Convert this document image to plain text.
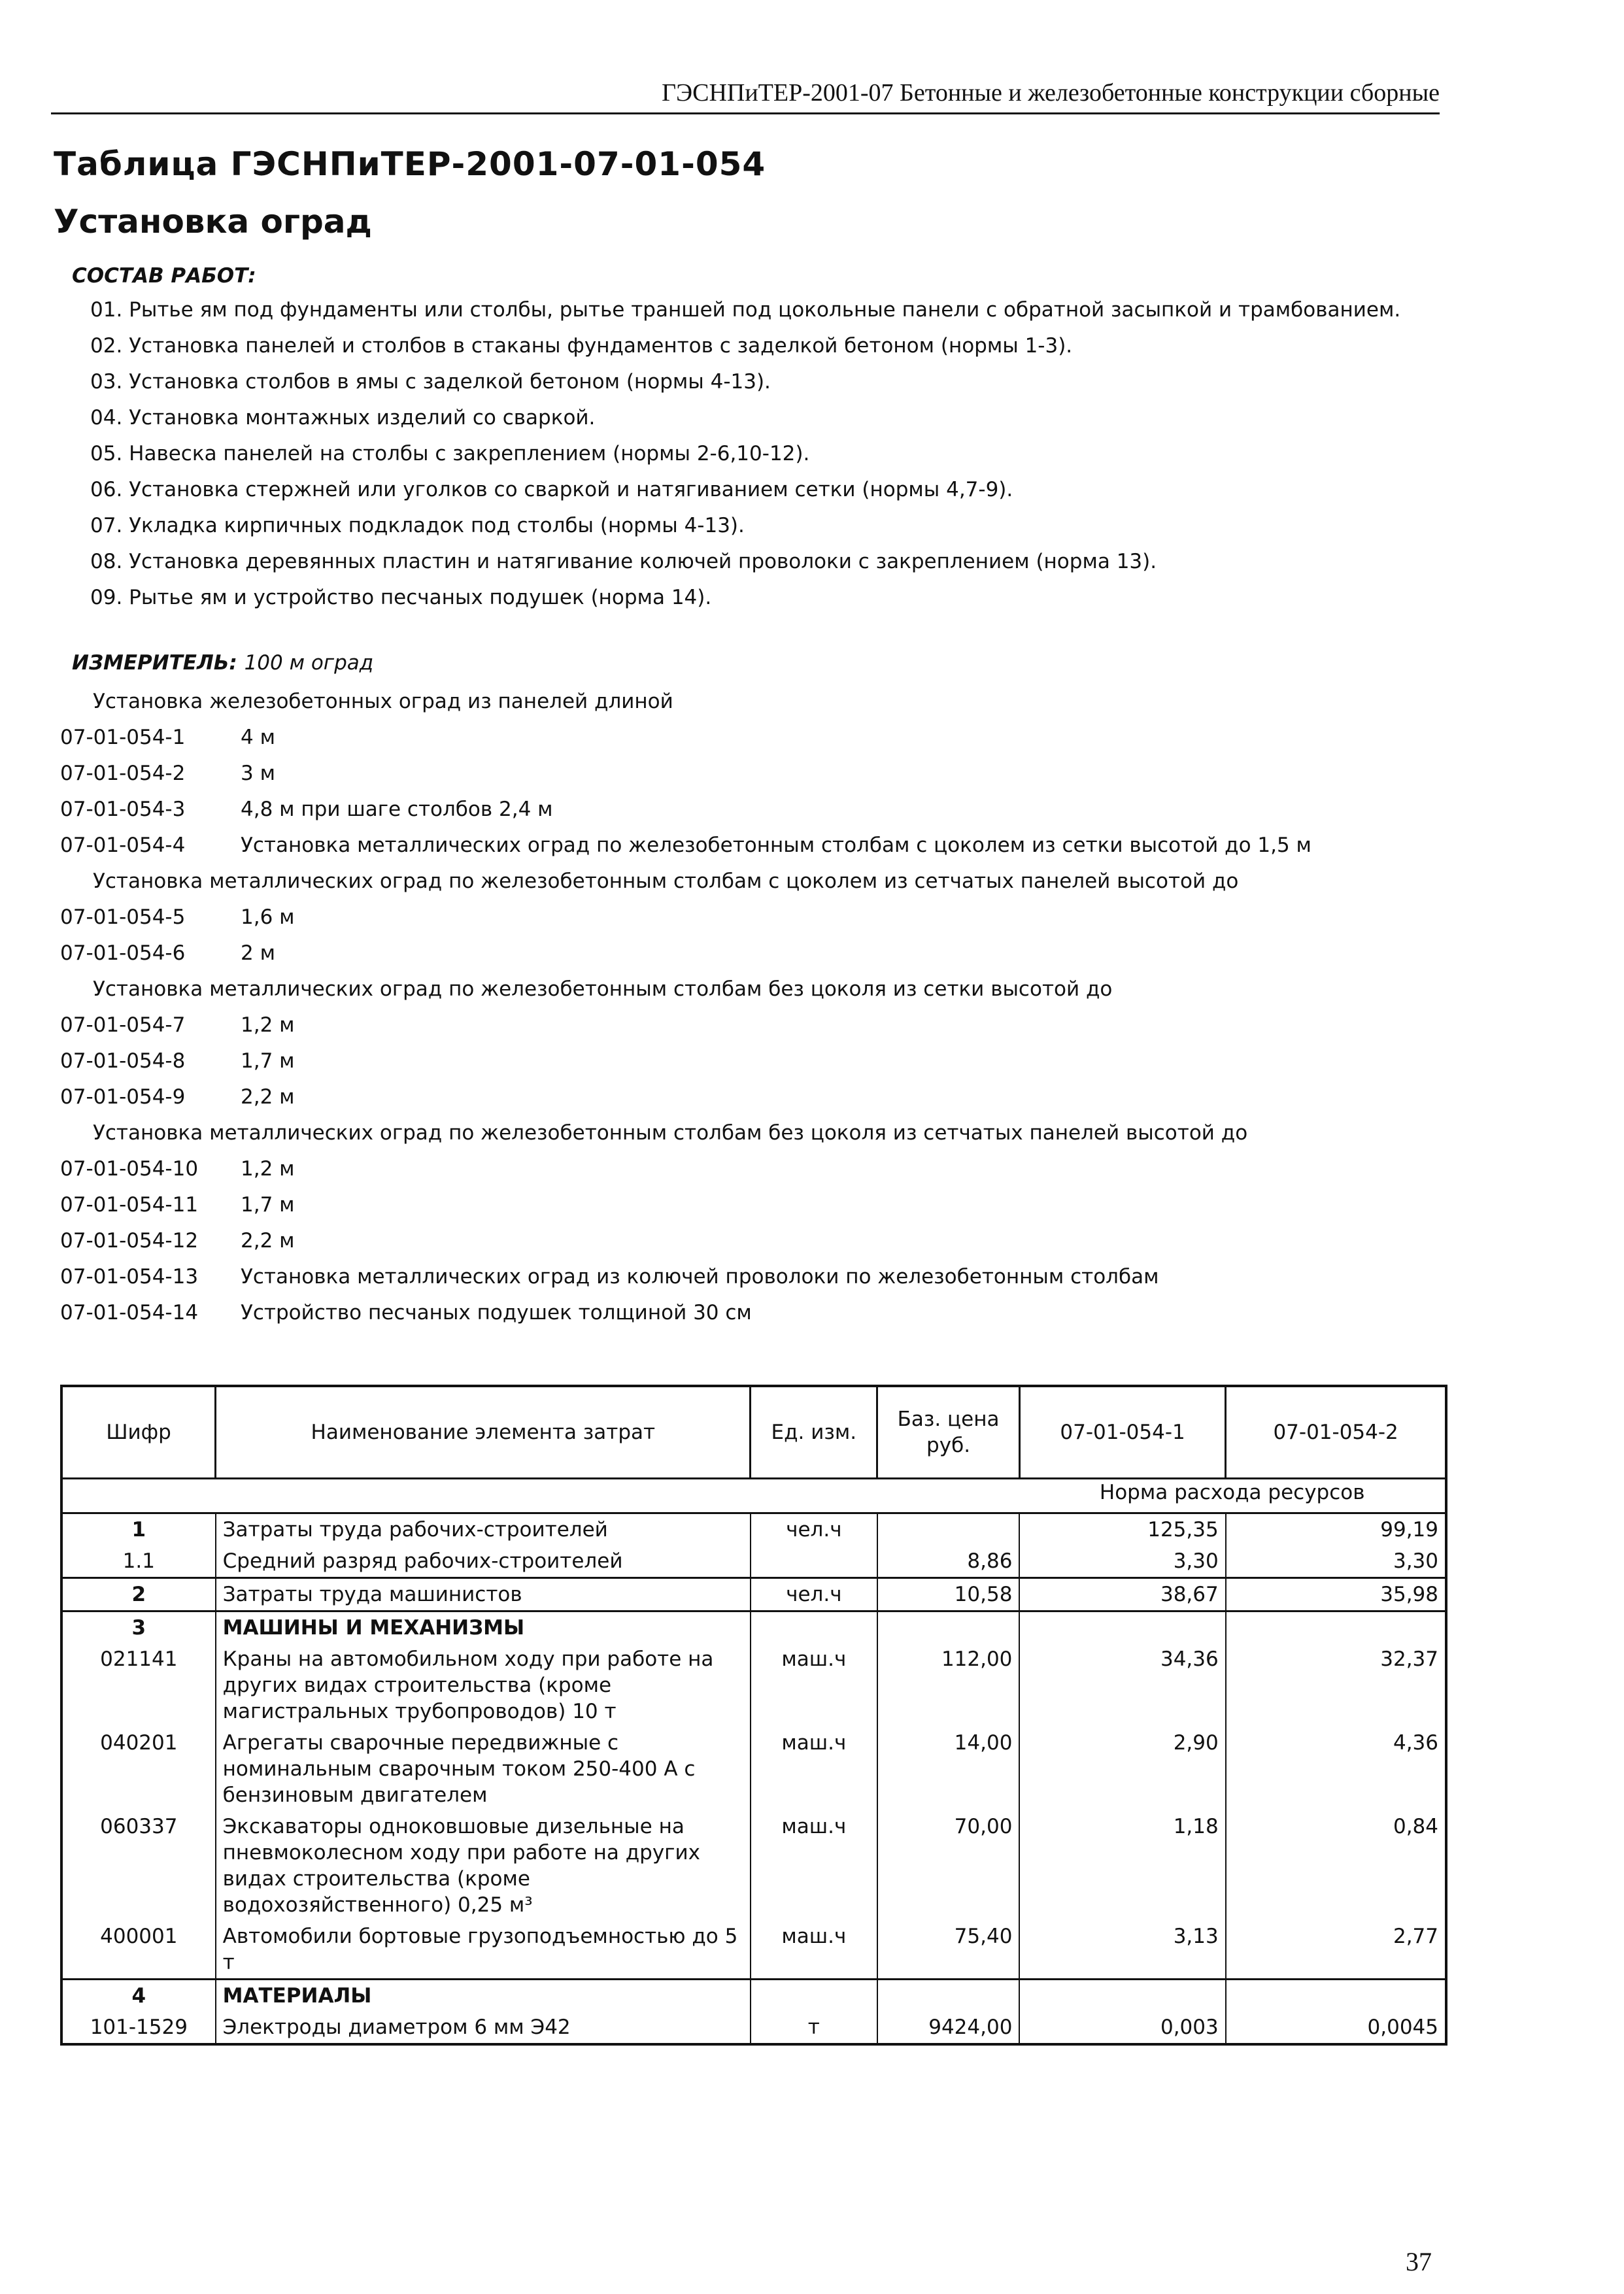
ГЭСНПиТЕР-2001-07 Бетонные и железобетонные конструкции сборные
Таблица ГЭСНПиТЕР-2001-07-01-054
Установка оград
СОСТАВ РАБОТ:
01. Рытье ям под фундаменты или столбы, рытье траншей под цокольные панели с обратной засыпкой и трамбованием.
02. Установка панелей и столбов в стаканы фундаментов с заделкой бетоном (нормы 1-3).
03. Установка столбов в ямы с заделкой бетоном (нормы 4-13).
04. Установка монтажных изделий со сваркой.
05. Навеска панелей на столбы с закреплением (нормы 2-6,10-12).
06. Установка стержней или уголков со сваркой и натягиванием сетки (нормы 4,7-9).
07. Укладка кирпичных подкладок под столбы (нормы 4-13).
08. Установка деревянных пластин и натягивание колючей проволоки с закреплением (норма 13).
09. Рытье ям и устройство песчаных подушек (норма 14).
ИЗМЕРИТЕЛЬ: 100 м оград
Установка железобетонных оград из панелей длиной
07-01-054-1	4 м
07-01-054-2	3 м
07-01-054-3	4,8 м при шаге столбов 2,4 м
07-01-054-4	Установка металлических оград по железобетонным столбам с цоколем из сетки высотой до 1,5 м
Установка металлических оград по железобетонным столбам с цоколем из сетчатых панелей высотой до
07-01-054-5	1,6 м
07-01-054-6	2 м
Установка металлических оград по железобетонным столбам без цоколя из сетки высотой до
07-01-054-7	1,2 м
07-01-054-8	1,7 м
07-01-054-9	2,2 м
Установка металлических оград по железобетонным столбам без цоколя из сетчатых панелей высотой до
07-01-054-10 1,2 м
07-01-054-11 1,7 м
07-01-054-12 2,2 м
07-01-054-13 Установка металлических оград из колючей проволоки по железобетонным столбам
07-01-054-14 Устройство песчаных подушек толщиной 30 см
Шифр	Наименование элемента затрат	Ед. изм.	Баз. цена руб.	07-01-054-1	07-01-054-2
				Норма расхода ресурсов	
1	Затраты труда рабочих-строителей	чел.ч		125,35	99,19
1.1	Средний разряд рабочих-строителей		8,86	3,30	3,30
2	Затраты труда машинистов	чел.ч	10,58	38,67	35,98
3	МАШИНЫ И МЕХАНИЗМЫ				
021141	Краны на автомобильном ходу при работе на других видах строительства (кроме магистральных трубопроводов) 10 т	маш.ч	112,00	34,36	32,37
040201	Агрегаты сварочные передвижные с номинальным сварочным током 250-400 А с бензиновым двигателем	маш.ч	14,00	2,90	4,36
060337	Экскаваторы одноковшовые дизельные на пневмоколесном ходу при работе на других видах строительства (кроме водохозяйственного) 0,25 м³	маш.ч	70,00	1,18	0,84
400001	Автомобили бортовые грузоподъемностью до 5 т	маш.ч	75,40	3,13	2,77
4	МАТЕРИАЛЫ				
101-1529	Электроды диаметром 6 мм Э42	т	9424,00	0,003	0,0045
37
